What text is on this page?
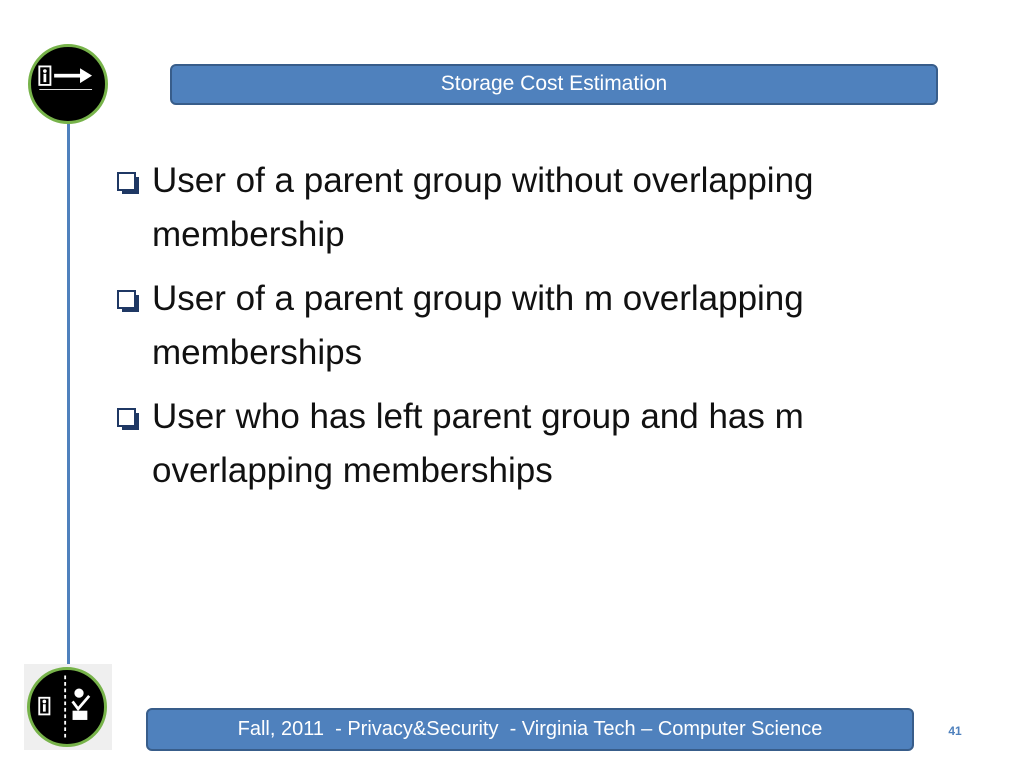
Storage Cost Estimation
User of a parent group without overlapping membership
User of a parent group with m overlapping memberships
User who has left parent group and has m overlapping memberships
Fall, 2011  - Privacy&Security  - Virginia Tech – Computer Science	41
